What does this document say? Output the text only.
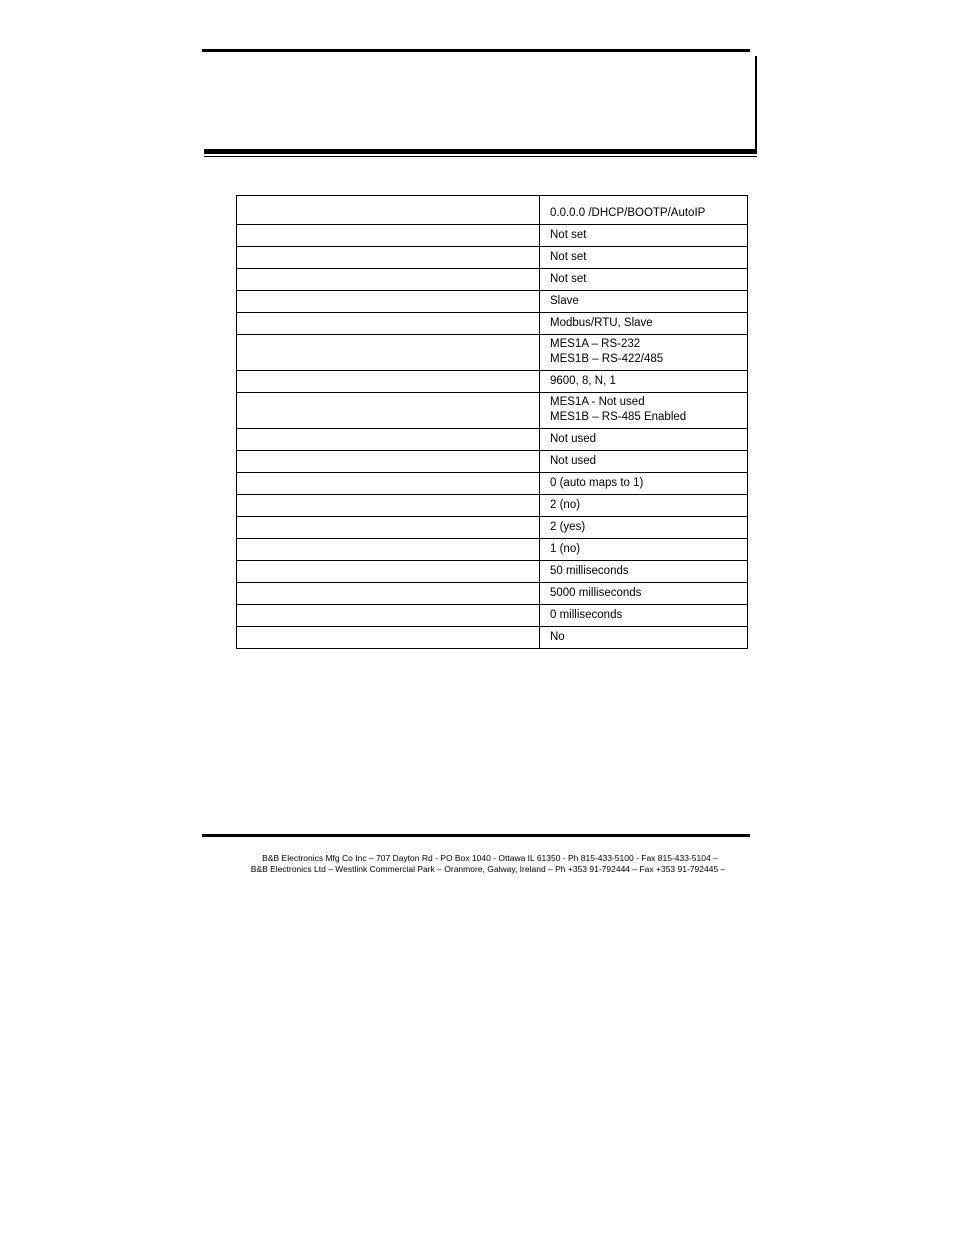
	0.0.0.0 /DHCP/BOOTP/AutoIP

	Not set

	Not set

	Not set

	Slave

	Modbus/RTU, Slave

	MES1A – RS-232
MES1B – RS-422/485

	9600, 8, N, 1

	MES1A - Not used
MES1B – RS-485 Enabled

	Not used

	Not used

	0 (auto maps to 1)

	2 (no)

	2 (yes)

	1 (no)

	50 milliseconds

	5000 milliseconds

	0 milliseconds

	No
B&B Electronics Mfg Co Inc – 707 Dayton Rd - PO Box 1040 - Ottawa IL 61350 - Ph 815-433-5100 - Fax 815-433-5104 –
B&B Electronics Ltd – Westlink Commercial Park – Oranmore, Galway, Ireland – Ph +353 91-792444 – Fax +353 91-792445 –
